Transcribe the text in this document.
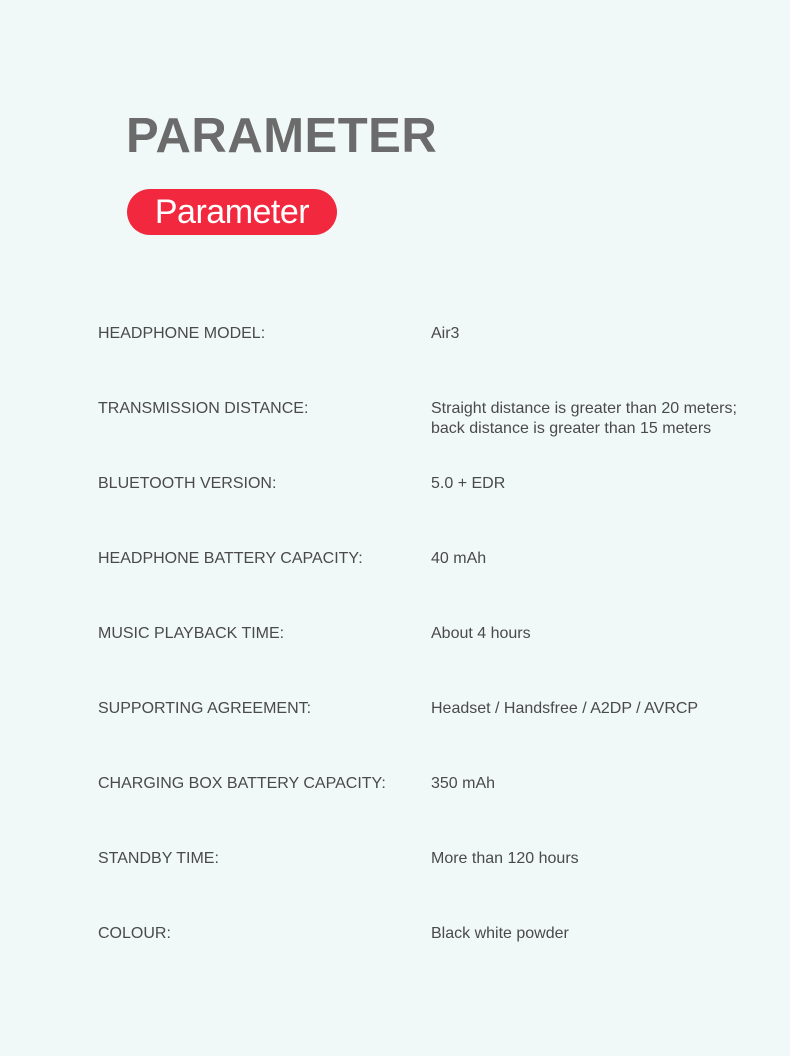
PARAMETER
Parameter
HEADPHONE MODEL:	Air3
TRANSMISSION DISTANCE:	Straight distance is greater than 20 meters;
back distance is greater than 15 meters
BLUETOOTH VERSION:	5.0 + EDR
HEADPHONE BATTERY CAPACITY:	40 mAh
MUSIC PLAYBACK TIME:	About 4 hours
SUPPORTING AGREEMENT:	Headset / Handsfree / A2DP / AVRCP
CHARGING BOX BATTERY CAPACITY:	350 mAh
STANDBY TIME:	More than 120 hours
COLOUR:	Black white powder
